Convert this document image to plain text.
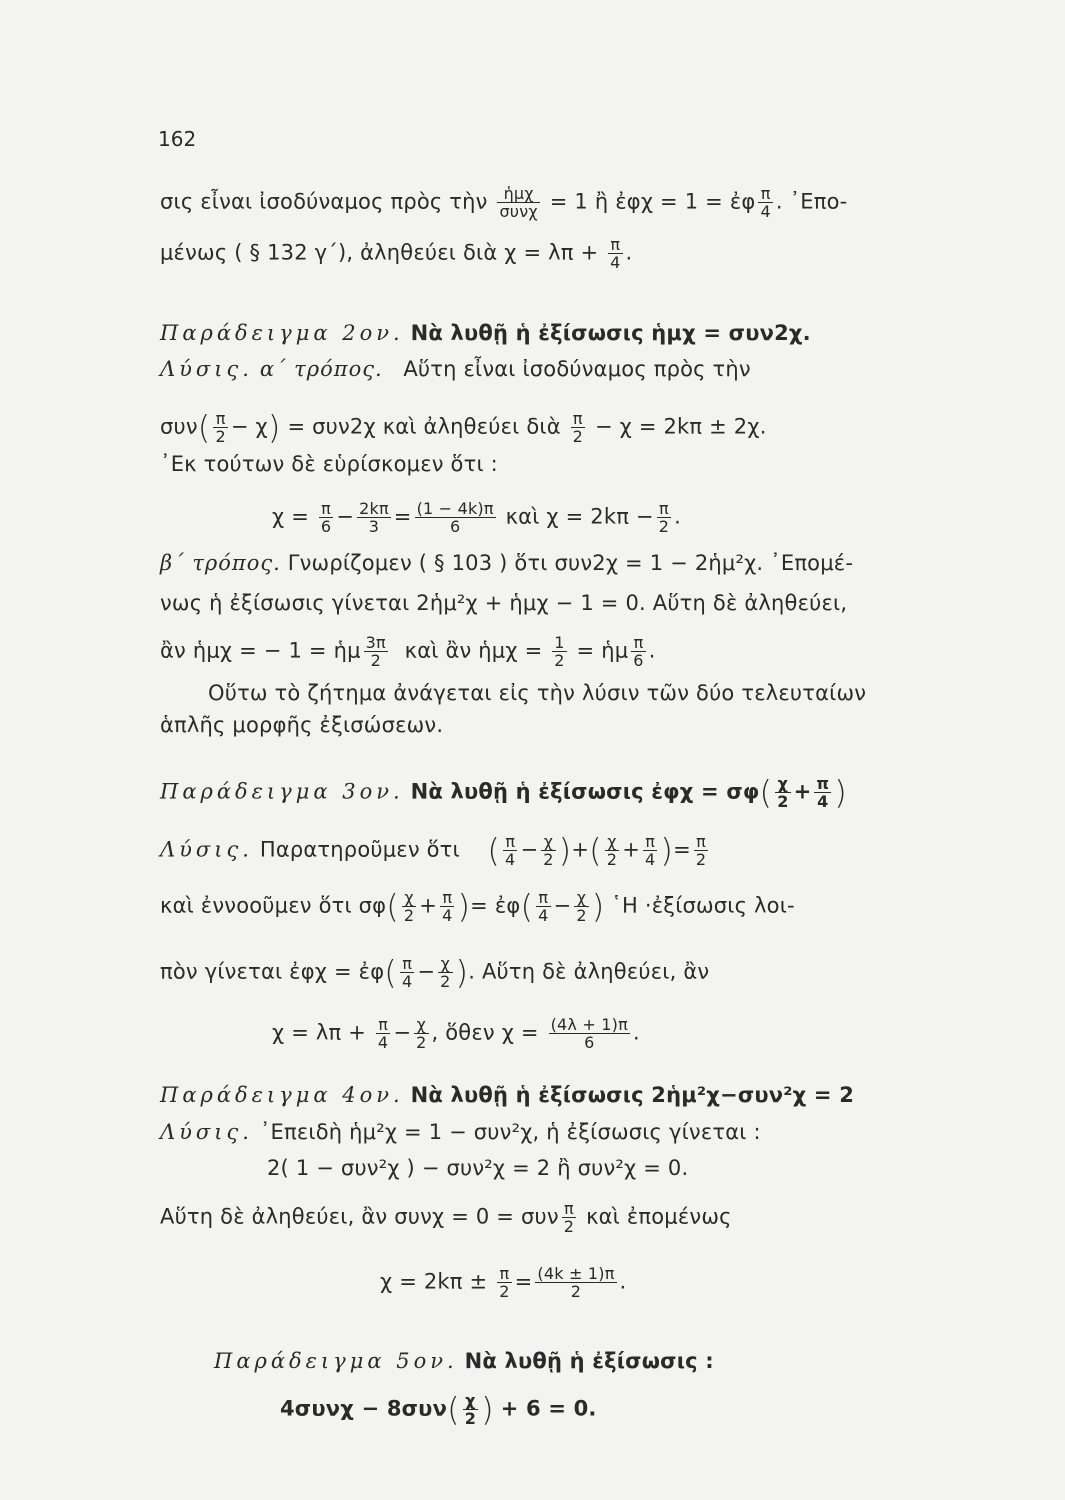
162
σις εἶναι ἰσοδύναμος πρὸς τὴν $\frac{\text{ἡμχ}}{\text{συνχ}} = 1$ ἢ ἐφχ = 1 = ἐφ $\frac{\pi}{4}$ . ᾿Επο-
μένως ( § 132 γ΄), ἀληθεύει διὰ $\chi = \lambda\pi + \frac{\pi}{4}$ .
Παράδειγμα 2ον. Νὰ λυθῇ ἡ ἐξίσωσις ἡμχ = συν2χ.
Λύσις. α΄ τρόπος. Αὕτη εἶναι ἰσοδύναμος πρὸς τὴν
$\sigma\upsilon\nu( \frac{\pi}{2} - \chi) = \sigma\upsilon\nu 2\chi$ καὶ ἀληθεύει διὰ $\frac{\pi}{2} - \chi = 2k\pi \pm 2\chi$.
᾿Εκ τούτων δὲ εὑρίσκομεν ὅτι :
$\chi = \frac{\pi}{6} - \frac{2k\pi}{3} = \frac{(1 - 4k)\pi}{6}$ καὶ $\chi = 2k\pi - \frac{\pi}{2}$ .
β΄ τρόπος. Γνωρίζομεν ( § 103 ) ὅτι συν2χ = 1 − 2ἡμ²χ. ᾿Επομέ-
νως ἡ ἐξίσωσις γίνεται 2ἡμ²χ + ἡμχ − 1 = 0. Αὕτη δὲ ἀληθεύει,
ἂν ἡμχ = − 1 = ἡμ $\frac{3\pi}{2}$ καὶ ἂν ἡμχ = $\frac{1}{2}$ = ἡμ $\frac{\pi}{6}$ .
Οὕτω τὸ ζήτημα ἀνάγεται εἰς τὴν λύσιν τῶν δύο τελευταίων
ἁπλῆς μορφῆς ἐξισώσεων.
Παράδειγμα 3ον. Νὰ λυθῇ ἡ ἐξίσωσις ἐφχ = $\sigma\varphi( \frac{\chi}{2} + \frac{\pi}{4}$ )
Λύσις. Παρατηροῦμεν ὅτι ( $\frac{\pi}{4} - \frac{\chi}{2}$ )+( $\frac{\chi}{2} + \frac{\pi}{4}$ )= $\frac{\pi}{2}$
καὶ ἐννοοῦμεν ὅτι $\sigma\varphi( \frac{\chi}{2} + \frac{\pi}{4}$ )= ἐφ( $\frac{\pi}{4} - \frac{\chi}{2}$ ) ῾Η ·ἐξίσωσις λοι-
πὸν γίνεται ἐφχ = ἐφ( $\frac{\pi}{4} - \frac{\chi}{2}$ ). Αὕτη δὲ ἀληθεύει, ἂν
$\chi = \lambda\pi + \frac{\pi}{4} - \frac{\chi}{2}$ , ὅθεν $\chi = \frac{(4\lambda + 1)\pi}{6}$ .
Παράδειγμα 4ον. Νὰ λυθῇ ἡ ἐξίσωσις 2ἡμ²χ−συν²χ = 2
Λύσις. ᾿Επειδὴ ἡμ²χ = 1 − συν²χ, ἡ ἐξίσωσις γίνεται :
2( 1 − συν²χ ) − συν²χ = 2 ἢ συν²χ = 0.
Αὕτη δὲ ἀληθεύει, ἂν συνχ = 0 = συν $\frac{\pi}{2}$ καὶ ἐπομένως
$\chi = 2k\pi \pm \frac{\pi}{2} = \frac{(4k \pm 1)\pi}{2}$ .
Παράδειγμα 5ον. Νὰ λυθῇ ἡ ἐξίσωσις :
$4\sigma\upsilon\nu\chi - 8\sigma\upsilon\nu( \frac{\chi}{2}$ ) + 6 = 0.
